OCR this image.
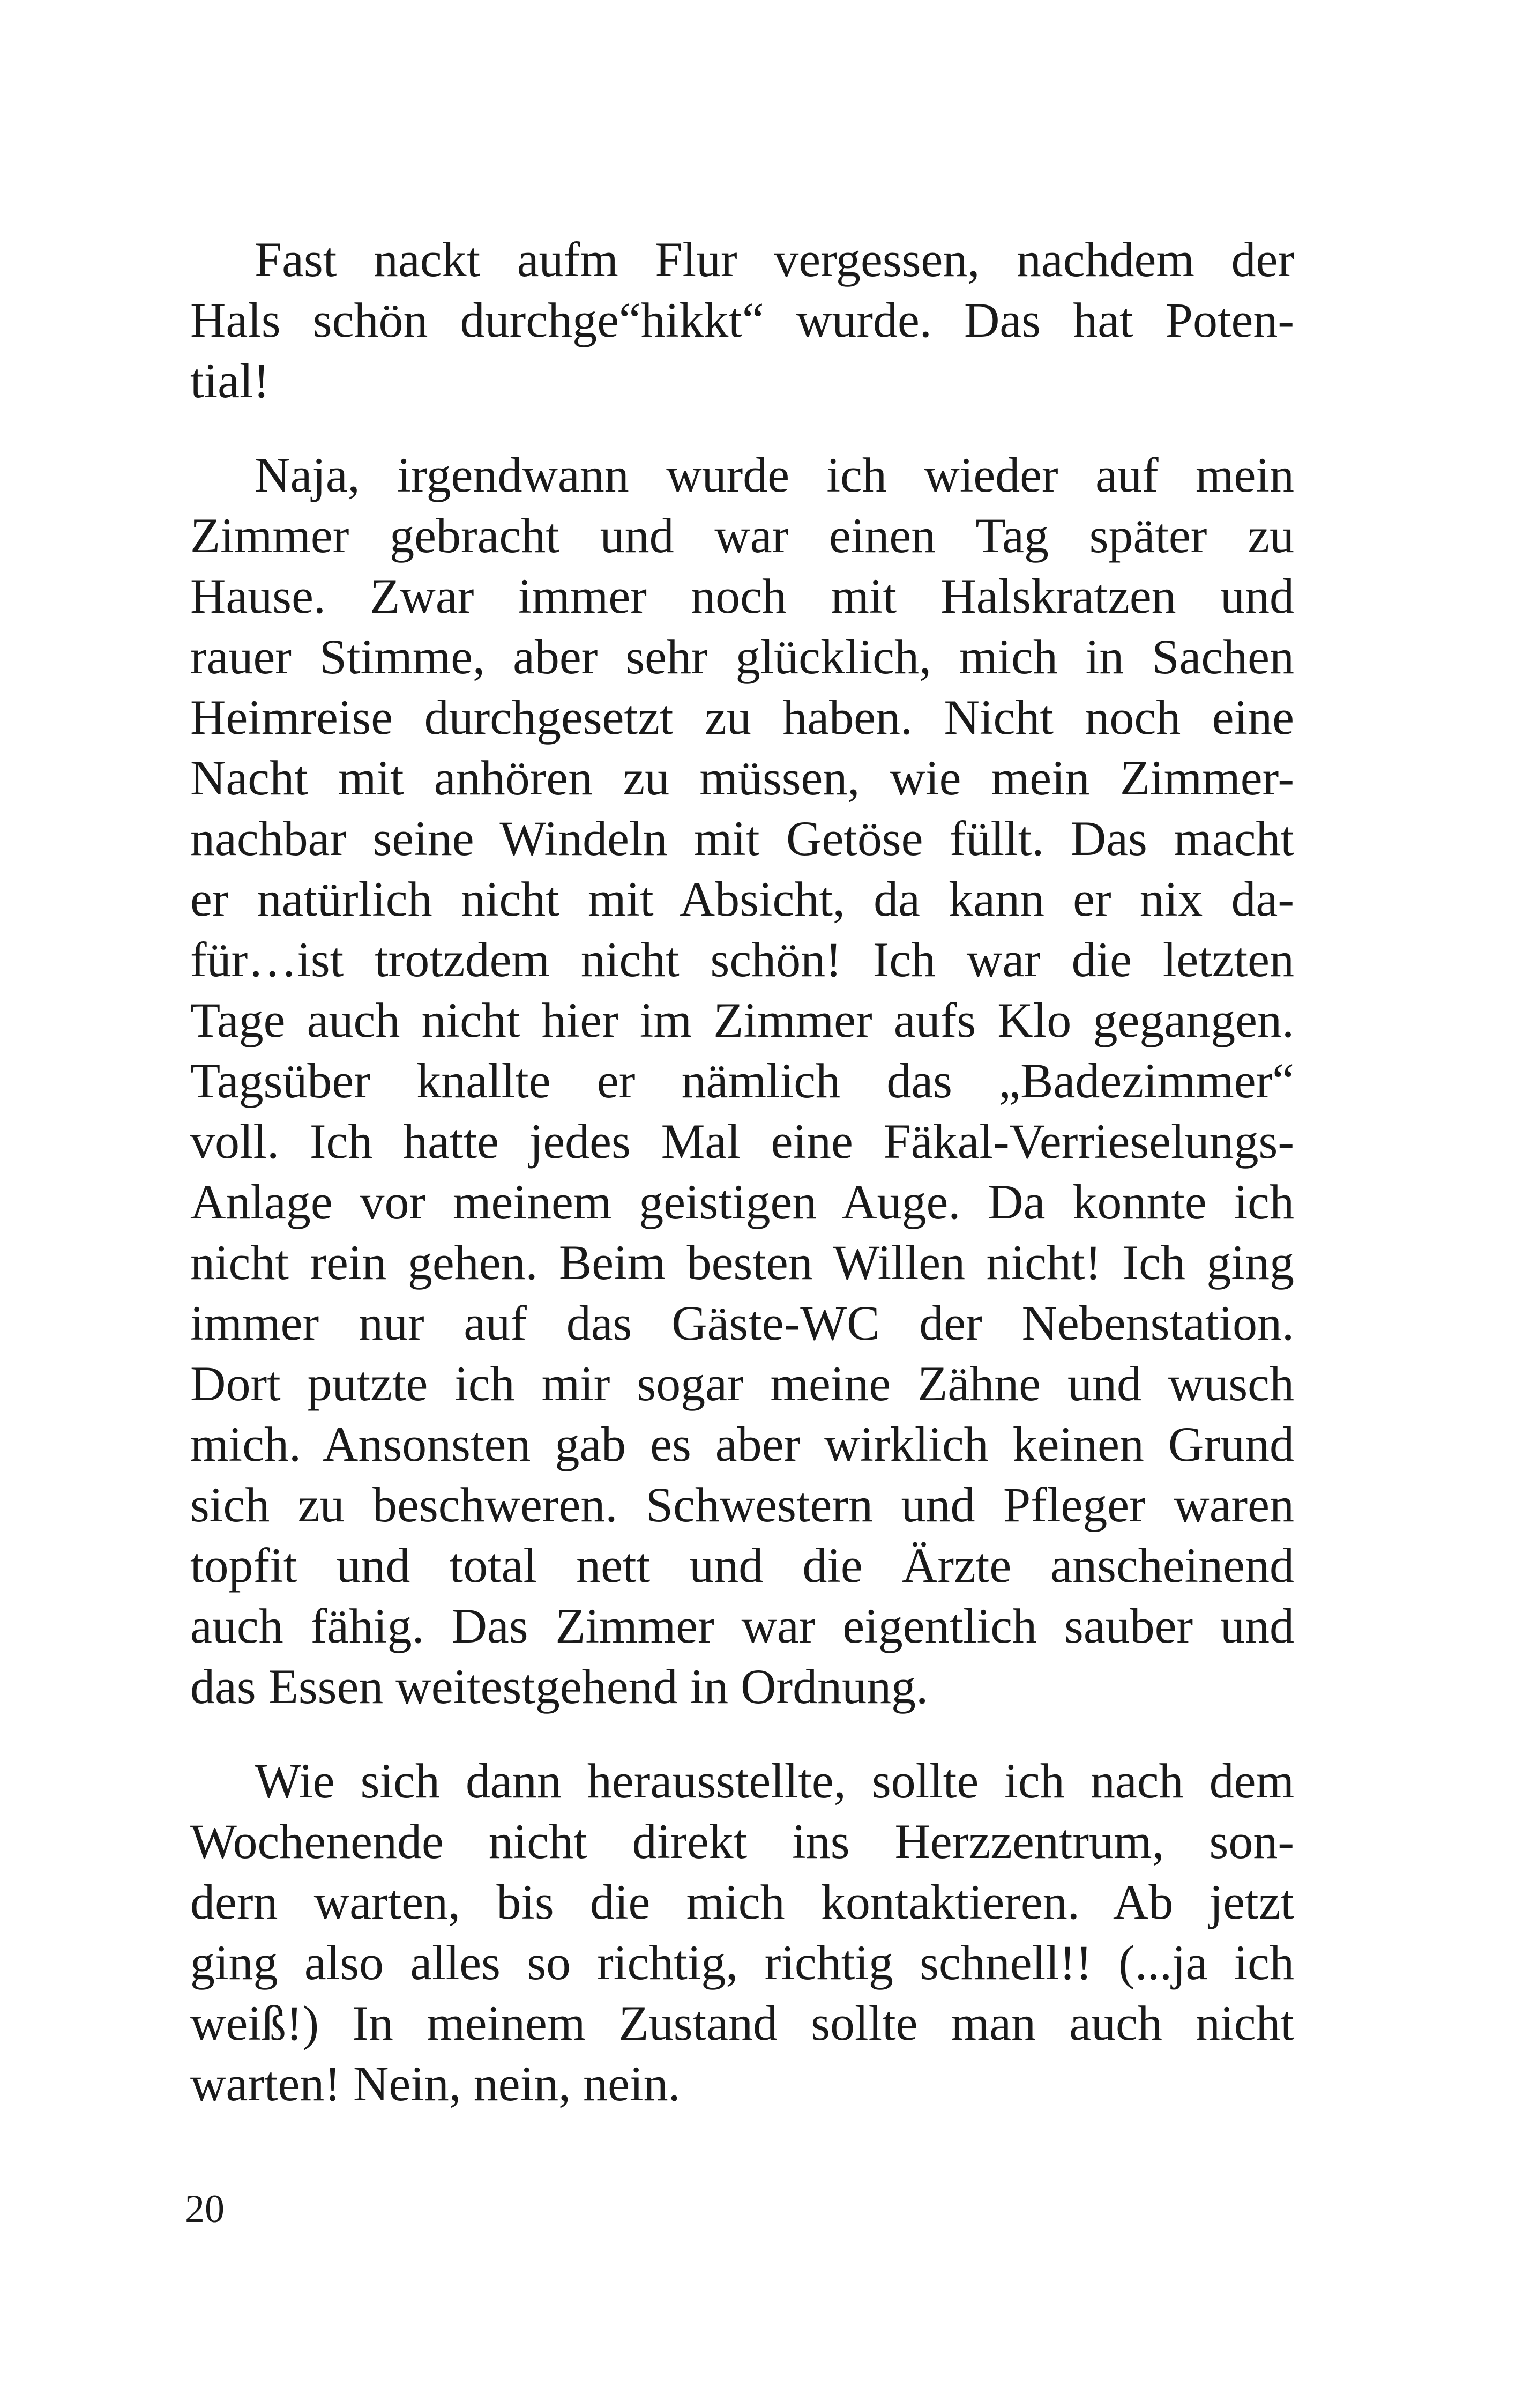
Fast nackt aufm Flur vergessen, nachdem der
Hals schön durchge“hikkt“ wurde. Das hat Poten-
tial!
Naja, irgendwann wurde ich wieder auf mein
Zimmer gebracht und war einen Tag später zu
Hause. Zwar immer noch mit Halskratzen und
rauer Stimme, aber sehr glücklich, mich in Sachen
Heimreise durchgesetzt zu haben. Nicht noch eine
Nacht mit anhören zu müssen, wie mein Zimmer-
nachbar seine Windeln mit Getöse füllt. Das macht
er natürlich nicht mit Absicht, da kann er nix da-
für…ist trotzdem nicht schön! Ich war die letzten
Tage auch nicht hier im Zimmer aufs Klo gegangen.
Tagsüber knallte er nämlich das „Badezimmer“
voll. Ich hatte jedes Mal eine Fäkal-Verrieselungs-
Anlage vor meinem geistigen Auge. Da konnte ich
nicht rein gehen. Beim besten Willen nicht! Ich ging
immer nur auf das Gäste-WC der Nebenstation.
Dort putzte ich mir sogar meine Zähne und wusch
mich. Ansonsten gab es aber wirklich keinen Grund
sich zu beschweren. Schwestern und Pfleger waren
topfit und total nett und die Ärzte anscheinend
auch fähig. Das Zimmer war eigentlich sauber und
das Essen weitestgehend in Ordnung.
Wie sich dann herausstellte, sollte ich nach dem
Wochenende nicht direkt ins Herzzentrum, son-
dern warten, bis die mich kontaktieren. Ab jetzt
ging also alles so richtig, richtig schnell!! (...ja ich
weiß!) In meinem Zustand sollte man auch nicht
warten! Nein, nein, nein.
20
